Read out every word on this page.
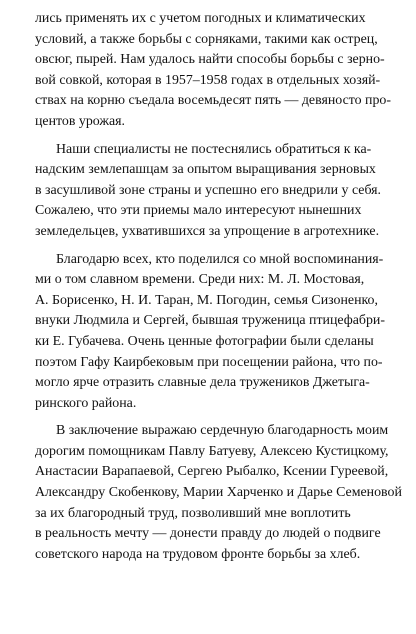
лись применять их с учетом погодных и климатических
условий, а также борьбы с сорняками, такими как острец,
овсюг, пырей. Нам удалось найти способы борьбы с зерно-
вой совкой, которая в 1957–1958 годах в отдельных хозяй-
ствах на корню съедала восемьдесят пять — девяносто про-
центов урожая.
Наши специалисты не постеснялись обратиться к ка-
надским землепашцам за опытом выращивания зерновых
в засушливой зоне страны и успешно его внедрили у себя.
Сожалею, что эти приемы мало интересуют нынешних
земледельцев, ухватившихся за упрощение в агротехнике.
Благодарю всех, кто поделился со мной воспоминания-
ми о том славном времени. Среди них: М. Л. Мостовая,
А. Борисенко, Н. И. Таран, М. Погодин, семья Сизоненко,
внуки Людмила и Сергей, бывшая труженица птицефабри-
ки Е. Губачева. Очень ценные фотографии были сделаны
поэтом Гафу Каирбековым при посещении района, что по-
могло ярче отразить славные дела тружеников Джетыга-
ринского района.
В заключение выражаю сердечную благодарность моим
дорогим помощникам Павлу Батуеву, Алексею Кустицкому,
Анастасии Варапаевой, Сергею Рыбалко, Ксении Гуреевой,
Александру Скобенкову, Марии Харченко и Дарье Семеновой
за их благородный труд, позволивший мне воплотить
в реальность мечту — донести правду до людей о подвиге
советского народа на трудовом фронте борьбы за хлеб.
